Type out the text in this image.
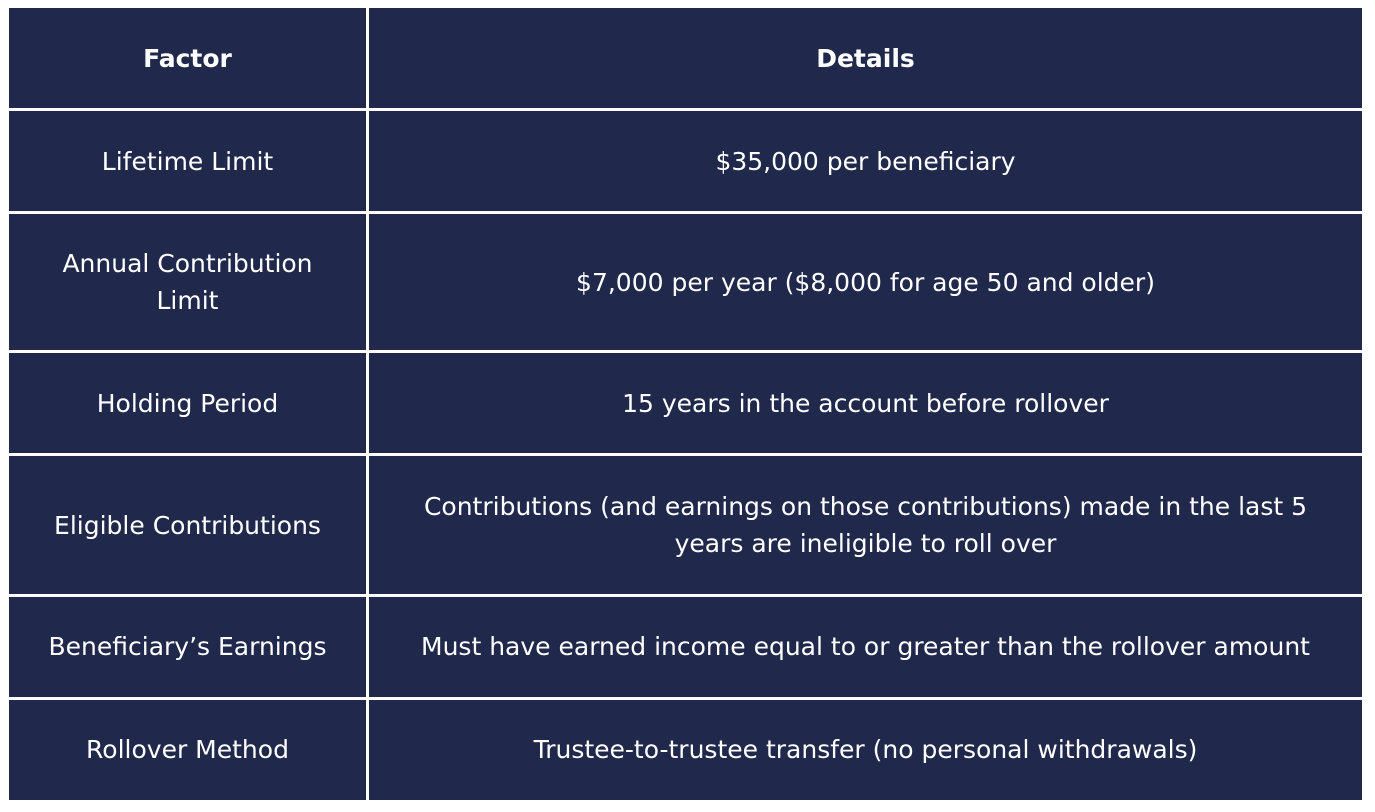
Factor	Details
Lifetime Limit	$35,000 per beneficiary
Annual Contribution Limit	$7,000 per year ($8,000 for age 50 and older)
Holding Period	15 years in the account before rollover
Eligible Contributions	Contributions (and earnings on those contributions) made in the last 5 years are ineligible to roll over
Beneficiary’s Earnings	Must have earned income equal to or greater than the rollover amount
Rollover Method	Trustee-to-trustee transfer (no personal withdrawals)
